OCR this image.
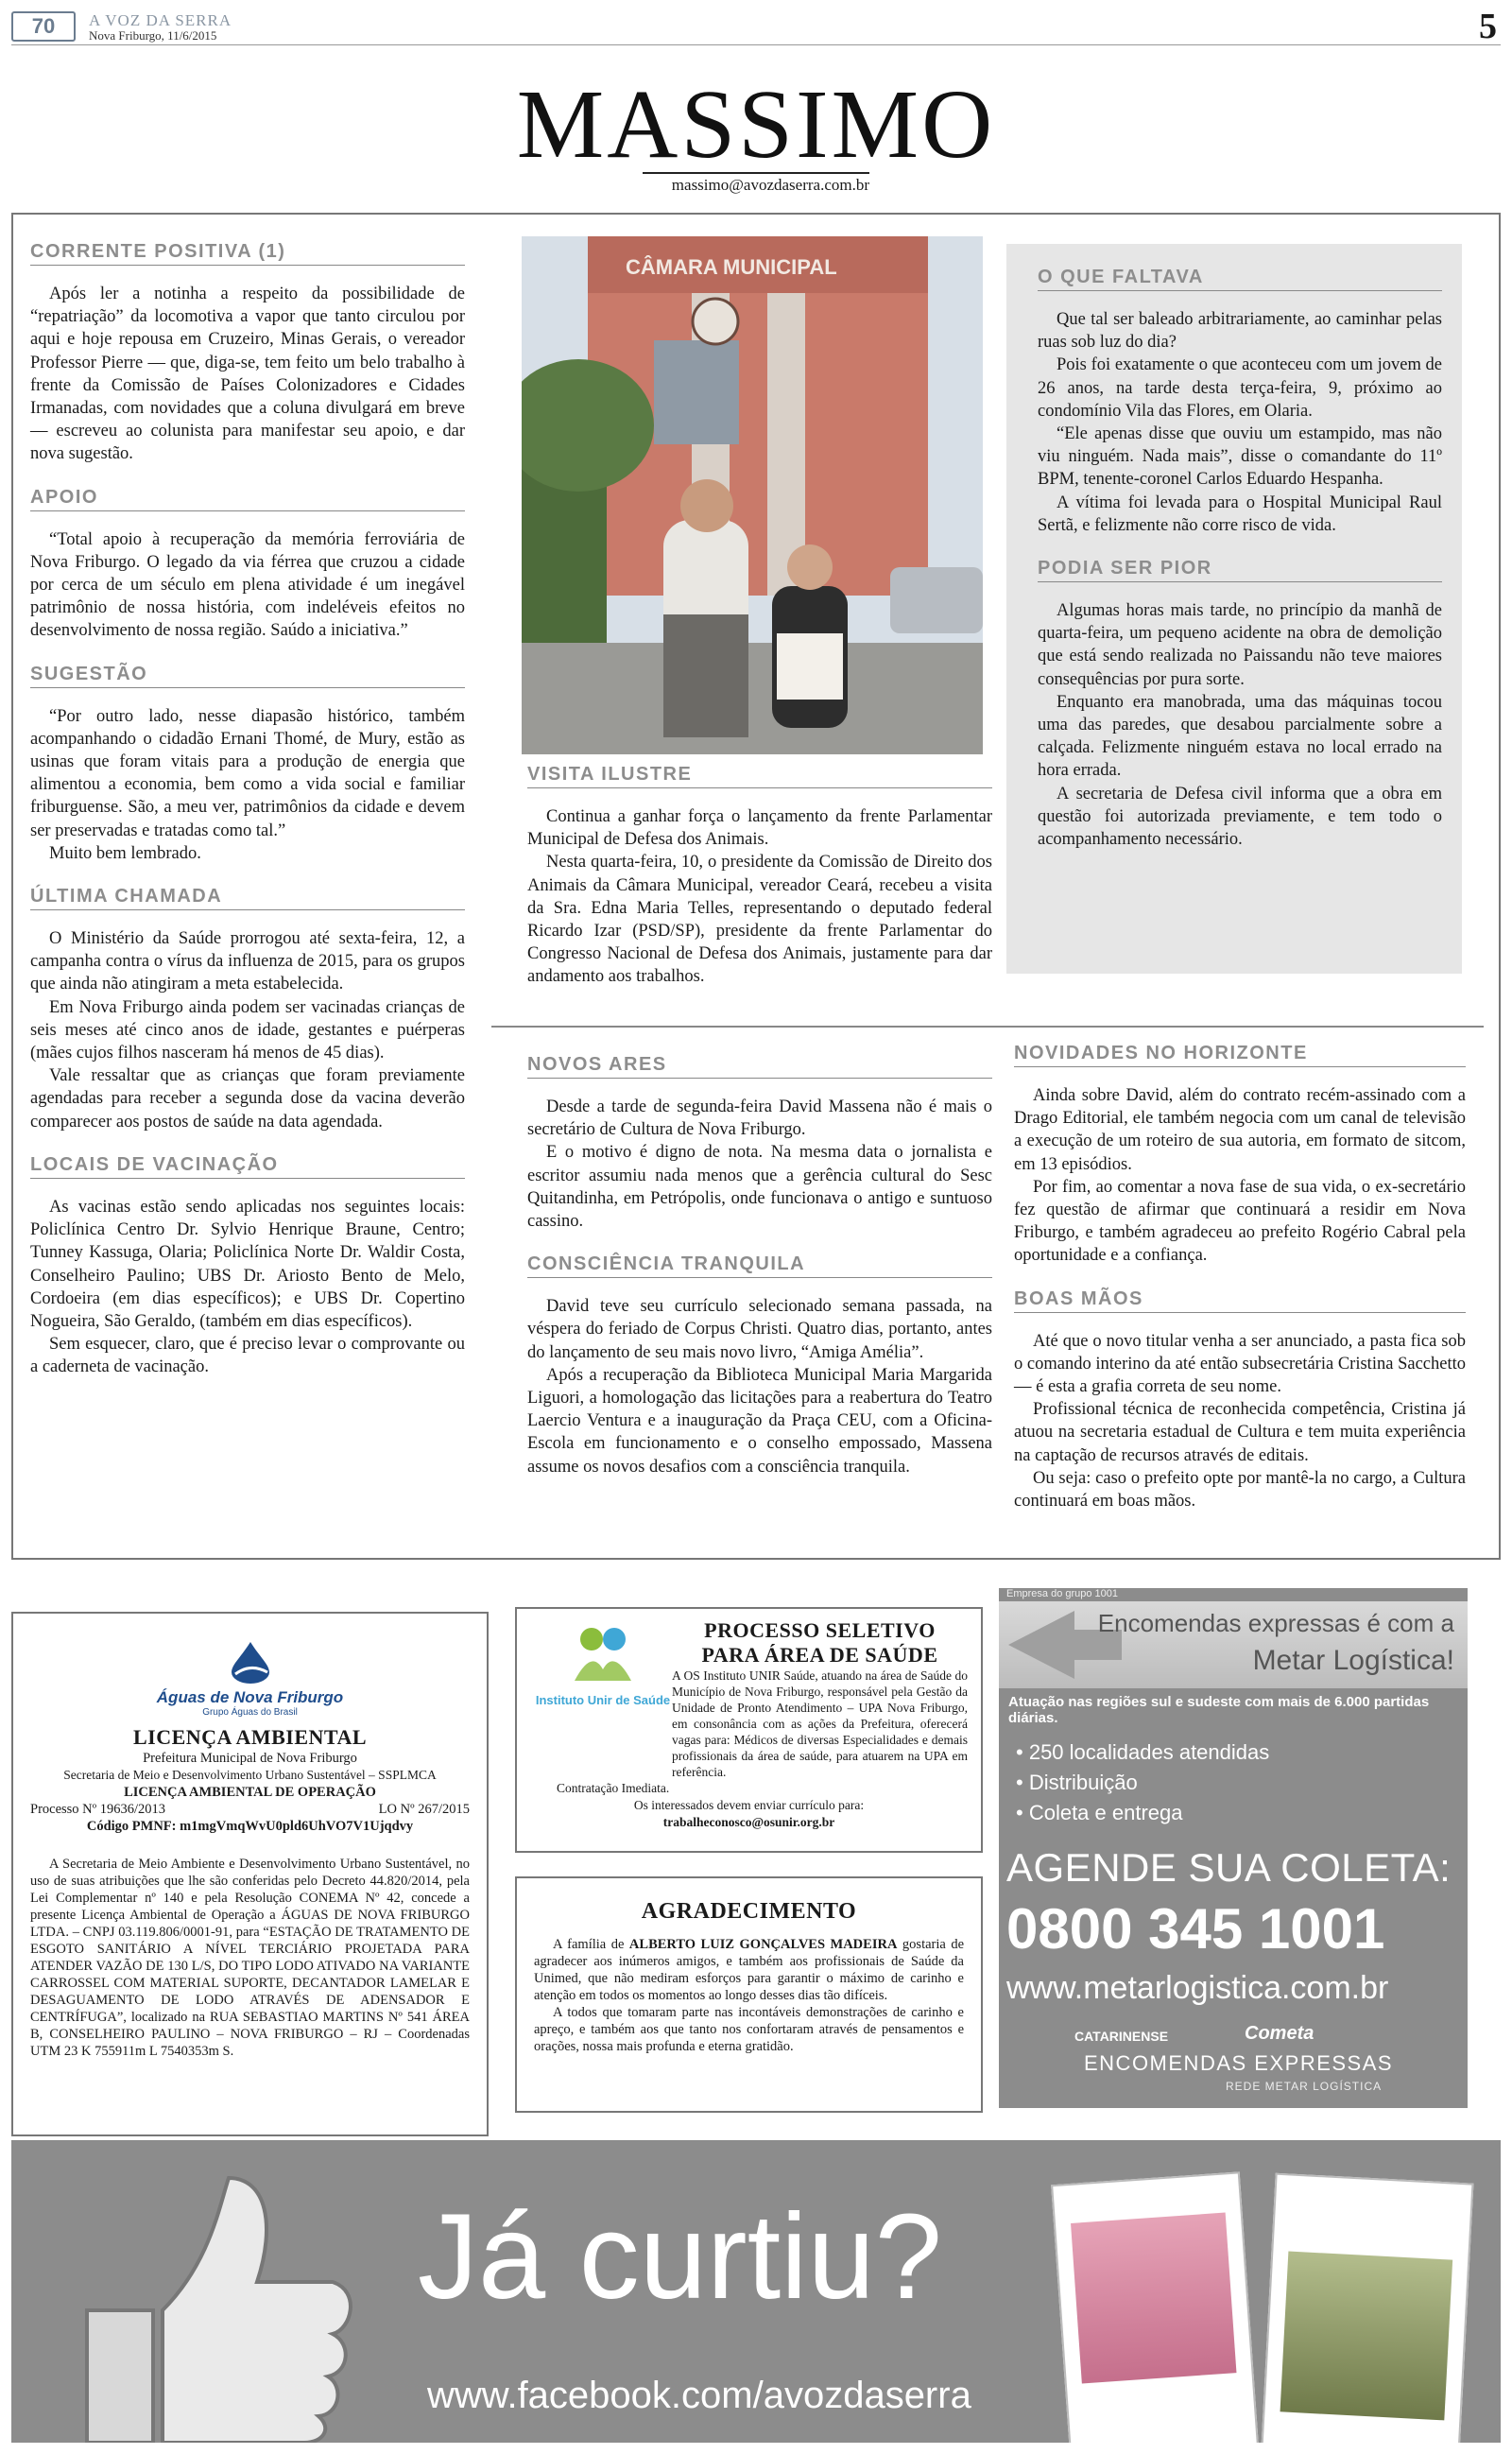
70	A VOZ DA SERRA
Nova Friburgo, 11/6/2015	5
MASSIMO
massimo@avozdaserra.com.br
CORRENTE POSITIVA (1)

Após ler a notinha a respeito da possibilidade de “repatriação” da locomotiva a vapor que tanto circulou por aqui e hoje repousa em Cruzeiro, Minas Gerais, o vereador Professor Pierre — que, diga-se, tem feito um belo trabalho à frente da Comissão de Países Colonizadores e Cidades Irmanadas, com novidades que a coluna divulgará em breve — escreveu ao colunista para manifestar seu apoio, e dar nova sugestão.

APOIO

“Total apoio à recuperação da memória ferroviária de Nova Friburgo. O legado da via férrea que cruzou a cidade por cerca de um século em plena atividade é um inegável patrimônio de nossa história, com indeléveis efeitos no desenvolvimento de nossa região. Saúdo a iniciativa.”

SUGESTÃO

“Por outro lado, nesse diapasão histórico, também acompanhando o cidadão Ernani Thomé, de Mury, estão as usinas que foram vitais para a produção de energia que alimentou a economia, bem como a vida social e familiar friburguense. São, a meu ver, patrimônios da cidade e devem ser preservadas e tratadas como tal.”

Muito bem lembrado.

ÚLTIMA CHAMADA

O Ministério da Saúde prorrogou até sexta-feira, 12, a campanha contra o vírus da influenza de 2015, para os grupos que ainda não atingiram a meta estabelecida.

Em Nova Friburgo ainda podem ser vacinadas crianças de seis meses até cinco anos de idade, gestantes e puérperas (mães cujos filhos nasceram há menos de 45 dias).

Vale ressaltar que as crianças que foram previamente agendadas para receber a segunda dose da vacina deverão comparecer aos postos de saúde na data agendada.

LOCAIS DE VACINAÇÃO

As vacinas estão sendo aplicadas nos seguintes locais: Policlínica Centro Dr. Sylvio Henrique Braune, Centro; Tunney Kassuga, Olaria; Policlínica Norte Dr. Waldir Costa, Conselheiro Paulino; UBS Dr. Ariosto Bento de Melo, Cordoeira (em dias específicos); e UBS Dr. Copertino Nogueira, São Geraldo, (também em dias específicos).

Sem esquecer, claro, que é preciso levar o comprovante ou a caderneta de vacinação.

CÂMARA MUNICIPAL
VISITA ILUSTRE

Continua a ganhar força o lançamento da frente Parlamentar Municipal de Defesa dos Animais.

Nesta quarta-feira, 10, o presidente da Comissão de Direito dos Animais da Câmara Municipal, vereador Ceará, recebeu a visita da Sra. Edna Maria Telles, representando o deputado federal Ricardo Izar (PSD/SP), presidente da frente Parlamentar do Congresso Nacional de Defesa dos Animais, justamente para dar andamento aos trabalhos.

NOVOS ARES

Desde a tarde de segunda-feira David Massena não é mais o secretário de Cultura de Nova Friburgo.

E o motivo é digno de nota. Na mesma data o jornalista e escritor assumiu nada menos que a gerência cultural do Sesc Quitandinha, em Petrópolis, onde funcionava o antigo e suntuoso cassino.

CONSCIÊNCIA TRANQUILA

David teve seu currículo selecionado semana passada, na véspera do feriado de Corpus Christi. Quatro dias, portanto, antes do lançamento de seu mais novo livro, “Amiga Amélia”.

Após a recuperação da Biblioteca Municipal Maria Margarida Liguori, a homologação das licitações para a reabertura do Teatro Laercio Ventura e a inauguração da Praça CEU, com a Oficina-Escola em funcionamento e o conselho empossado, Massena assume os novos desafios com a consciência tranquila.

O QUE FALTAVA

Que tal ser baleado arbitrariamente, ao caminhar pelas ruas sob luz do dia?

Pois foi exatamente o que aconteceu com um jovem de 26 anos, na tarde desta terça-feira, 9, próximo ao condomínio Vila das Flores, em Olaria.

“Ele apenas disse que ouviu um estampido, mas não viu ninguém. Nada mais”, disse o comandante do 11º BPM, tenente-coronel Carlos Eduardo Hespanha.

A vítima foi levada para o Hospital Municipal Raul Sertã, e felizmente não corre risco de vida.

PODIA SER PIOR

Algumas horas mais tarde, no princípio da manhã de quarta-feira, um pequeno acidente na obra de demolição que está sendo realizada no Paissandu não teve maiores consequências por pura sorte.

Enquanto era manobrada, uma das máquinas tocou uma das paredes, que desabou parcialmente sobre a calçada. Felizmente ninguém estava no local errado na hora errada.

A secretaria de Defesa civil informa que a obra em questão foi autorizada previamente, e tem todo o acompanhamento necessário.

NOVIDADES NO HORIZONTE

Ainda sobre David, além do contrato recém-assinado com a Drago Editorial, ele também negocia com um canal de televisão a execução de um roteiro de sua autoria, em formato de sitcom, em 13 episódios.

Por fim, ao comentar a nova fase de sua vida, o ex-secretário fez questão de afirmar que continuará a residir em Nova Friburgo, e também agradeceu ao prefeito Rogério Cabral pela oportunidade e a confiança.

BOAS MÃOS

Até que o novo titular venha a ser anunciado, a pasta fica sob o comando interino da até então subsecretária Cristina Sacchetto — é esta a grafia correta de seu nome.

Profissional técnica de reconhecida competência, Cristina já atuou na secretaria estadual de Cultura e tem muita experiência na captação de recursos através de editais.

Ou seja: caso o prefeito opte por mantê-la no cargo, a Cultura continuará em boas mãos.

Águas de Nova Friburgo
Grupo Águas do Brasil
LICENÇA AMBIENTAL
Prefeitura Municipal de Nova Friburgo
Secretaria de Meio e Desenvolvimento Urbano Sustentável – SSPLMCA
LICENÇA AMBIENTAL DE OPERAÇÃO
Processo Nº 19636/2013	LO Nº 267/2015
Código PMNF: m1mgVmqWvU0pld6UhVO7V1Ujqdvy
A Secretaria de Meio Ambiente e Desenvolvimento Urbano Sustentável, no uso de suas atribuições que lhe são conferidas pelo Decreto 44.820/2014, pela Lei Complementar nº 140 e pela Resolução CONEMA Nº 42, concede a presente Licença Ambiental de Operação a ÁGUAS DE NOVA FRIBURGO LTDA. – CNPJ 03.119.806/0001-91, para “ESTAÇÃO DE TRATAMENTO DE ESGOTO SANITÁRIO A NÍVEL TERCIÁRIO PROJETADA PARA ATENDER VAZÃO DE 130 L/S, DO TIPO LODO ATIVADO NA VARIANTE CARROSSEL COM MATERIAL SUPORTE, DECANTADOR LAMELAR E DESAGUAMENTO DE LODO ATRAVÉS DE ADENSADOR E CENTRÍFUGA”, localizado na RUA SEBASTIAO MARTINS Nº 541 ÁREA B, CONSELHEIRO PAULINO – NOVA FRIBURGO – RJ – Coordenadas UTM 23 K 755911m L 7540353m S.
Instituto Unir de Saúde
PROCESSO SELETIVO
PARA ÁREA DE SAÚDE
A OS Instituto UNIR Saúde, atuando na área de Saúde do Município de Nova Friburgo, responsável pela Gestão da Unidade de Pronto Atendimento – UPA Nova Friburgo, em consonância com as ações da Prefeitura, oferecerá vagas para: Médicos de diversas Especialidades e demais profissionais da área de saúde, para atuarem na UPA em referência.
Contratação Imediata.
Os interessados devem enviar currículo para:
trabalheconosco@osunir.org.br
AGRADECIMENTO
A família de ALBERTO LUIZ GONÇALVES MADEIRA gostaria de agradecer aos inúmeros amigos, e também aos profissionais de Saúde da Unimed, que não mediram esforços para garantir o máximo de carinho e atenção em todos os momentos ao longo desses dias tão difíceis.
A todos que tomaram parte nas incontáveis demonstrações de carinho e apreço, e também aos que tanto nos confortaram através de pensamentos e orações, nossa mais profunda e eterna gratidão.
Empresa do grupo 1001
Encomendas expressas é com a
Metar Logística!
Atuação nas regiões sul e sudeste com mais de 6.000 partidas diárias.
• 250 localidades atendidas
• Distribuição
• Coleta e entrega
AGENDE SUA COLETA:
0800 345 1001
www.metarlogistica.com.br
CATARINENSE	Cometa
ENCOMENDAS EXPRESSAS
REDE METAR LOGÍSTICA
Já curtiu?
www.facebook.com/avozdaserra
